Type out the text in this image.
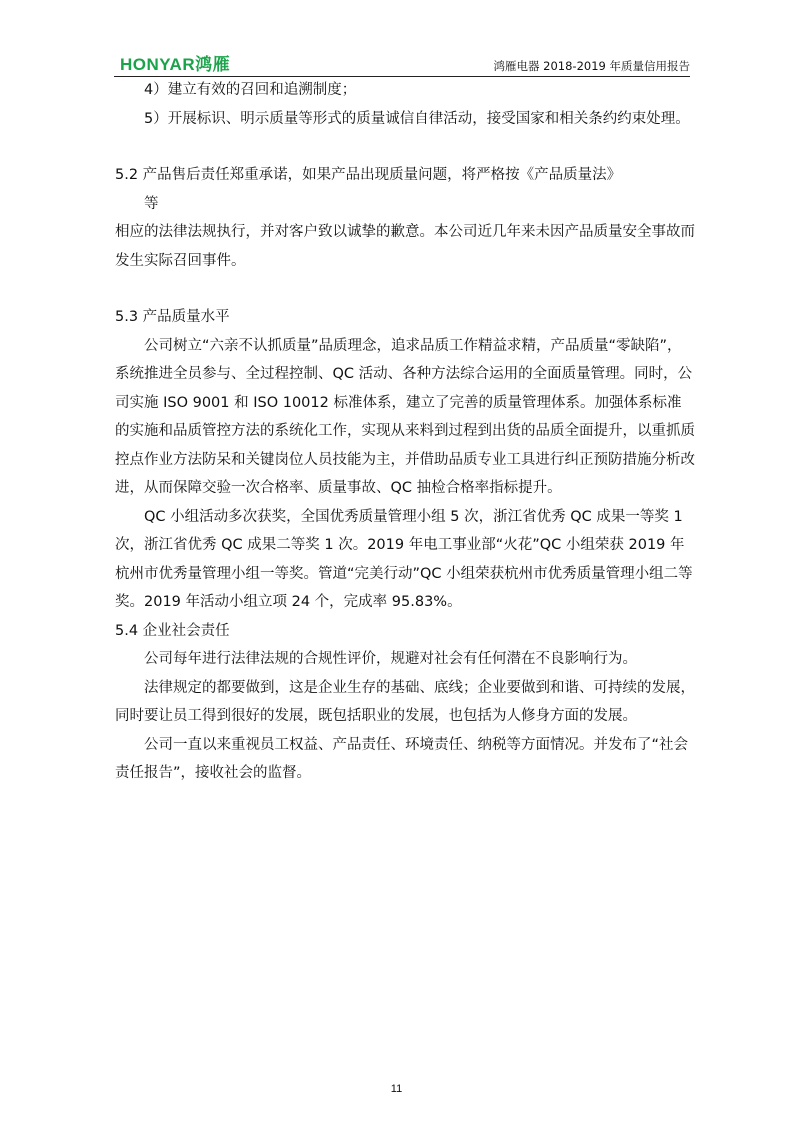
HONYAR鸿雁	鸿雁电器 2018-2019 年质量信用报告

4）建立有效的召回和追溯制度；

5）开展标识、明示质量等形式的质量诚信自律活动，接受国家和相关条约约束处理。

5.2 产品售后责任郑重承诺，如果产品出现质量问题，将严格按《产品质量法》

等

相应的法律法规执行，并对客户致以诚挚的歉意。本公司近几年来未因产品质量安全事故而发生实际召回事件。

5.3 产品质量水平

公司树立“六亲不认抓质量”品质理念，追求品质工作精益求精，产品质量“零缺陷”，系统推进全员参与、全过程控制、QC 活动、各种方法综合运用的全面质量管理。同时，公司实施 ISO 9001 和 ISO 10012 标准体系，建立了完善的质量管理体系。加强体系标准的实施和品质管控方法的系统化工作，实现从来料到过程到出货的品质全面提升，以重抓质控点作业方法防呆和关键岗位人员技能为主，并借助品质专业工具进行纠正预防措施分析改进，从而保障交验一次合格率、质量事故、QC 抽检合格率指标提升。

QC 小组活动多次获奖，全国优秀质量管理小组 5 次，浙江省优秀 QC 成果一等奖 1 次，浙江省优秀 QC 成果二等奖 1 次。2019 年电工事业部“火花”QC 小组荣获 2019 年杭州市优秀量管理小组一等奖。管道“完美行动”QC 小组荣获杭州市优秀质量管理小组二等奖。2019 年活动小组立项 24 个，完成率 95.83%。

5.4 企业社会责任

公司每年进行法律法规的合规性评价，规避对社会有任何潜在不良影响行为。

法律规定的都要做到，这是企业生存的基础、底线；企业要做到和谐、可持续的发展，同时要让员工得到很好的发展，既包括职业的发展，也包括为人修身方面的发展。

公司一直以来重视员工权益、产品责任、环境责任、纳税等方面情况。并发布了“社会责任报告”，接收社会的监督。

11
